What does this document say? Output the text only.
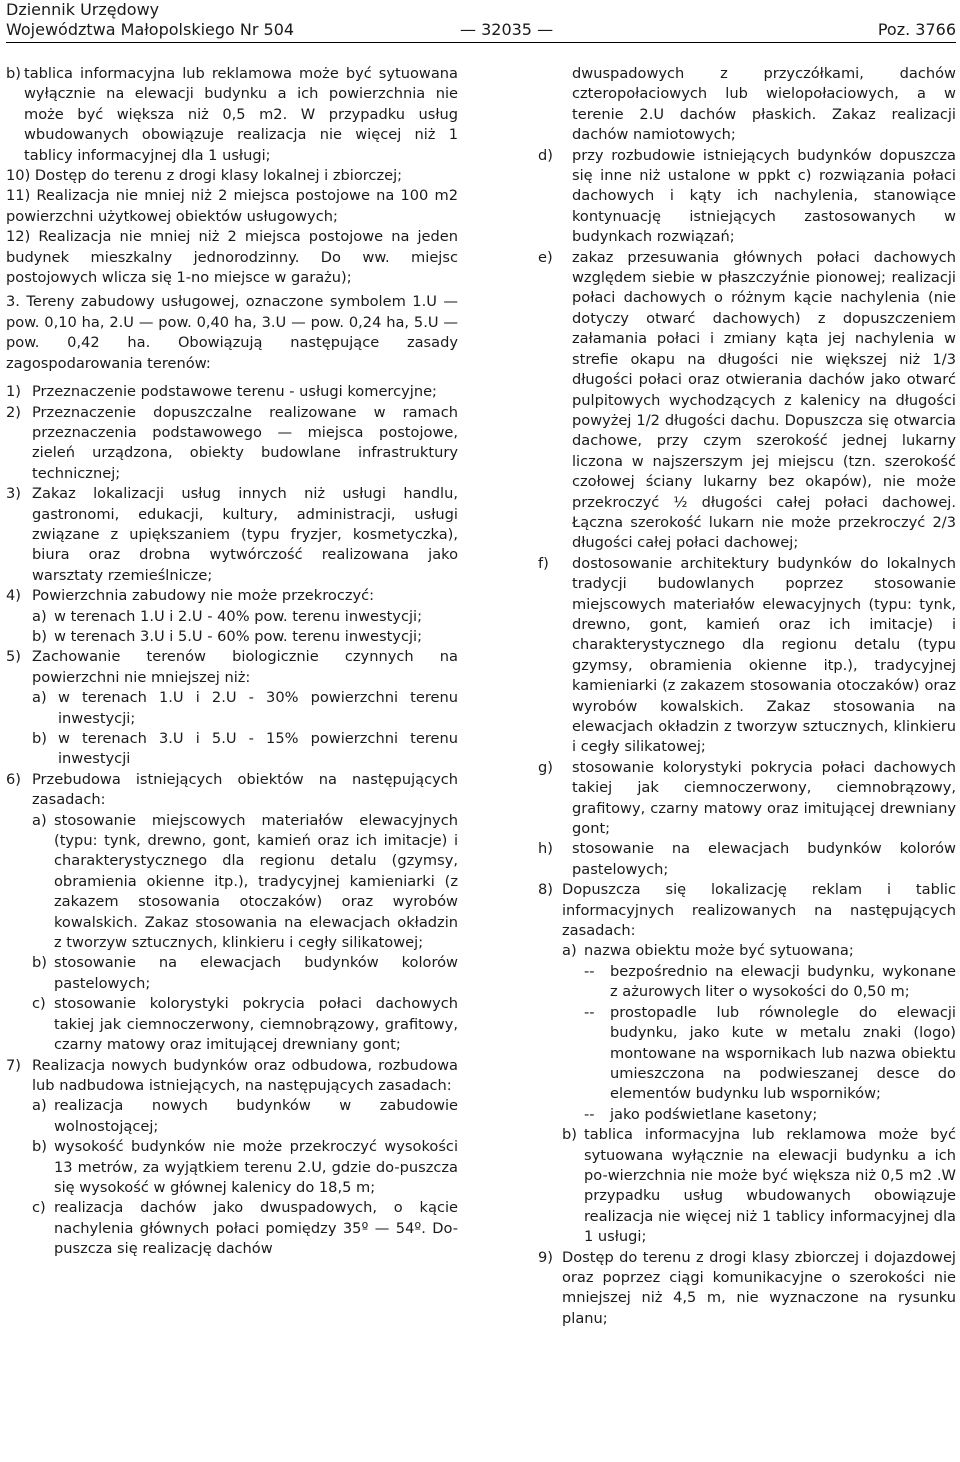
Dziennik Urzędowy
Województwa Małopolskiego Nr 504	— 32035 —	Poz. 3766
b) tablica informacyjna lub reklamowa może być sytuowana wyłącznie na elewacji budynku a ich powierzchnia nie może być większa niż 0,5 m2. W przypadku usług wbudowanych obowiązuje realizacja nie więcej niż 1 tablicy informacyjnej dla 1 usługi;

10) Dostęp do terenu z drogi klasy lokalnej i zbiorczej;

11) Realizacja nie mniej niż 2 miejsca postojowe na 100 m2 powierzchni użytkowej obiektów usługowych;

12) Realizacja nie mniej niż 2 miejsca postojowe na jeden budynek mieszkalny jednorodzinny. Do ww. miejsc postojowych wlicza się 1-no miejsce w garażu);

3. Tereny zabudowy usługowej, oznaczone symbolem 1.U — pow. 0,10 ha, 2.U — pow. 0,40 ha, 3.U — pow. 0,24 ha, 5.U — pow. 0,42 ha. Obowiązują następujące zasady zagospodarowania terenów:

1) Przeznaczenie podstawowe terenu - usługi komercyjne;
2) Przeznaczenie dopuszczalne realizowane w ramach przeznaczenia podstawowego — miejsca postojowe, zieleń urządzona, obiekty budowlane infrastruktury technicznej;
3) Zakaz lokalizacji usług innych niż usługi handlu, gastronomi, edukacji, kultury, administracji, usługi związane z upiększaniem (typu fryzjer, kosmetyczka), biura oraz drobna wytwórczość realizowana jako warsztaty rzemieślnicze;
4) Powierzchnia zabudowy nie może przekroczyć:
a) w terenach 1.U i 2.U - 40% pow. terenu inwestycji;
b) w terenach 3.U i 5.U - 60% pow. terenu inwestycji;
5) Zachowanie terenów biologicznie czynnych na powierzchni nie mniejszej niż:
a) w terenach 1.U i 2.U - 30% powierzchni terenu inwestycji;
b) w terenach 3.U i 5.U - 15% powierzchni terenu inwestycji
6) Przebudowa istniejących obiektów na następujących zasadach:
a) stosowanie miejscowych materiałów elewacyjnych (typu: tynk, drewno, gont, kamień oraz ich imitacje) i charakterystycznego dla regionu detalu (gzymsy, obramienia okienne itp.), tradycyjnej kamieniarki (z zakazem stosowania otoczaków) oraz wyrobów kowalskich. Zakaz stosowania na elewacjach okładzin z tworzyw sztucznych, klinkieru i cegły silikatowej;
b) stosowanie na elewacjach budynków kolorów pastelowych;
c) stosowanie kolorystyki pokrycia połaci dachowych takiej jak ciemnoczerwony, ciemnobrązowy, grafitowy, czarny matowy oraz imitującej drewniany gont;
7) Realizacja nowych budynków oraz odbudowa, rozbudowa lub nadbudowa istniejących, na następujących zasadach:
a) realizacja nowych budynków w zabudowie wolnostojącej;
b) wysokość budynków nie może przekroczyć wysokości 13 metrów, za wyjątkiem terenu 2.U, gdzie do-puszcza się wysokość w głównej kalenicy do 18,5 m;
c) realizacja dachów jako dwuspadowych, o kącie nachylenia głównych połaci pomiędzy 35º — 54º. Do-puszcza się realizację dachów

dwuspadowych z przyczółkami, dachów czteropołaciowych lub wielopołaciowych, a w terenie 2.U dachów płaskich. Zakaz realizacji dachów namiotowych;

d)	przy rozbudowie istniejących budynków dopuszcza się inne niż ustalone w ppkt c) rozwiązania połaci dachowych i kąty ich nachylenia, stanowiące kontynuację istniejących zastosowanych w budynkach rozwiązań;
e)	zakaz przesuwania głównych połaci dachowych względem siebie w płaszczyźnie pionowej; realizacji połaci dachowych o różnym kącie nachylenia (nie dotyczy otwarć dachowych) z dopuszczeniem załamania połaci i zmiany kąta jej nachylenia w strefie okapu na długości nie większej niż 1/3 długości połaci oraz otwierania dachów jako otwarć pulpitowych wychodzących z kalenicy na długości powyżej 1/2 długości dachu. Dopuszcza się otwarcia dachowe, przy czym szerokość jednej lukarny liczona w najszerszym jej miejscu (tzn. szerokość czołowej ściany lukarny bez okapów), nie może przekroczyć ½ długości całej połaci dachowej. Łączna szerokość lukarn nie może przekroczyć 2/3 długości całej połaci dachowej;
f)	dostosowanie architektury budynków do lokalnych tradycji budowlanych poprzez stosowanie miejscowych materiałów elewacyjnych (typu: tynk, drewno, gont, kamień oraz ich imitacje) i charakterystycznego dla regionu detalu (typu gzymsy, obramienia okienne itp.), tradycyjnej kamieniarki (z zakazem stosowania otoczaków) oraz wyrobów kowalskich. Zakaz stosowania na elewacjach okładzin z tworzyw sztucznych, klinkieru i cegły silikatowej;
g)	stosowanie kolorystyki pokrycia połaci dachowych takiej jak ciemnoczerwony, ciemnobrązowy, grafitowy, czarny matowy oraz imitującej drewniany gont;
h)	stosowanie na elewacjach budynków kolorów pastelowych;
8) Dopuszcza się lokalizację reklam i tablic informacyjnych realizowanych na następujących zasadach:
a) nazwa obiektu może być sytuowana;
--	bezpośrednio na elewacji budynku, wykonane z ażurowych liter o wysokości do 0,50 m;
--	prostopadle lub równolegle do elewacji budynku, jako kute w metalu znaki (logo) montowane na wspornikach lub nazwa obiektu umieszczona na podwieszanej desce do elementów budynku lub wsporników;
--	jako podświetlane kasetony;
b) tablica informacyjna lub reklamowa może być sytuowana wyłącznie na elewacji budynku a ich po-wierzchnia nie może być większa niż 0,5 m2 .W przypadku usług wbudowanych obowiązuje realizacja nie więcej niż 1 tablicy informacyjnej dla 1 usługi;
9) Dostęp do terenu z drogi klasy zbiorczej i dojazdowej oraz poprzez ciągi komunikacyjne o szerokości nie mniejszej niż 4,5 m, nie wyznaczone na rysunku planu;
